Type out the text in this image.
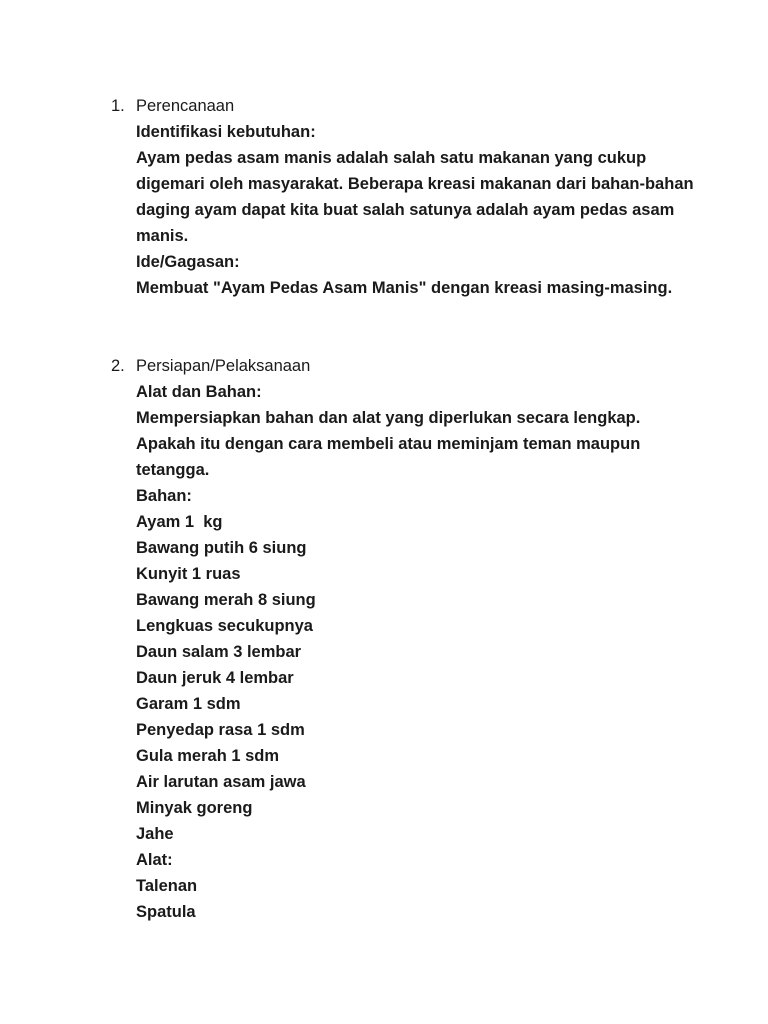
1. Perencanaan
Identifikasi kebutuhan:
Ayam pedas asam manis adalah salah satu makanan yang cukup
digemari oleh masyarakat. Beberapa kreasi makanan dari bahan-bahan
daging ayam dapat kita buat salah satunya adalah ayam pedas asam
manis.
Ide/Gagasan:
Membuat "Ayam Pedas Asam Manis" dengan kreasi masing-masing.
2. Persiapan/Pelaksanaan
Alat dan Bahan:
Mempersiapkan bahan dan alat yang diperlukan secara lengkap.
Apakah itu dengan cara membeli atau meminjam teman maupun
tetangga.
Bahan:
Ayam 1  kg
Bawang putih 6 siung
Kunyit 1 ruas
Bawang merah 8 siung
Lengkuas secukupnya
Daun salam 3 lembar
Daun jeruk 4 lembar
Garam 1 sdm
Penyedap rasa 1 sdm
Gula merah 1 sdm
Air larutan asam jawa
Minyak goreng
Jahe
Alat:
Talenan
Spatula
